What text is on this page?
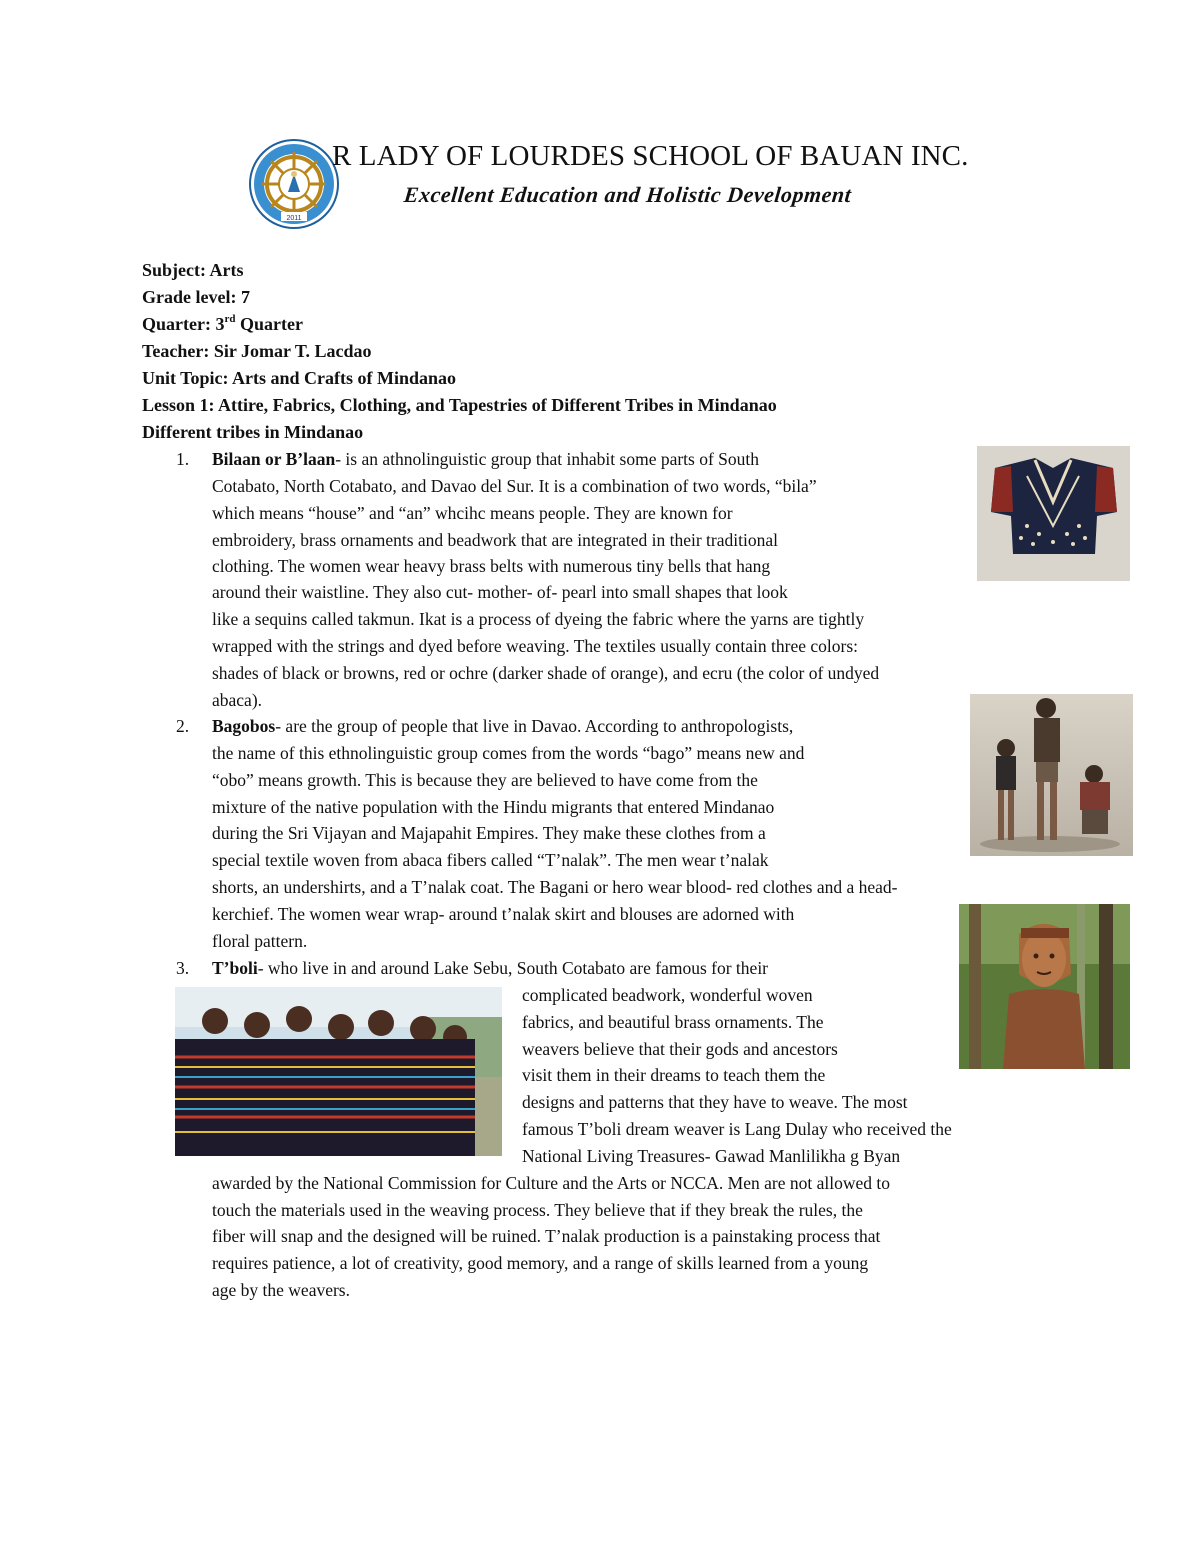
2011
R LADY OF LOURDES SCHOOL OF BAUAN INC.
Excellent Education and Holistic Development
Subject: Arts
Grade level: 7
Quarter: 3rd Quarter
Teacher: Sir Jomar T. Lacdao
Unit Topic: Arts and Crafts of Mindanao
Lesson 1: Attire, Fabrics, Clothing, and Tapestries of Different Tribes in Mindanao
Different tribes in Mindanao
1. Bilaan or B’laan- is an athnolinguistic group that inhabit some parts of South
Cotabato, North Cotabato, and Davao del Sur. It is a combination of two words, “bila”
which means “house” and “an” whcihc means people. They are known for
embroidery, brass ornaments and beadwork that are integrated in their traditional
clothing. The women wear heavy brass belts with numerous tiny bells that hang
around their waistline. They also cut- mother- of- pearl into small shapes that look
like a sequins called takmun. Ikat is a process of dyeing the fabric where the yarns are tightly
wrapped with the strings and dyed before weaving. The textiles usually contain three colors:
shades of black or browns, red or ochre (darker shade of orange), and ecru (the color of undyed
abaca).
2. Bagobos- are the group of people that live in Davao. According to anthropologists,
the name of this ethnolinguistic group comes from the words “bago” means new and
“obo” means growth. This is because they are believed to have come from the
mixture of the native population with the Hindu migrants that entered Mindanao
during the Sri Vijayan and Majapahit Empires. They make these clothes from a
special textile woven from abaca fibers called “T’nalak”. The men wear t’nalak
shorts, an undershirts, and a T’nalak coat. The Bagani or hero wear blood- red clothes and a head-
kerchief. The women wear wrap- around t’nalak skirt and blouses are adorned with
floral pattern.
3. T’boli- who live in and around Lake Sebu, South Cotabato are famous for their
complicated beadwork, wonderful woven
fabrics, and beautiful brass ornaments. The
weavers believe that their gods and ancestors
visit them in their dreams to teach them the
designs and patterns that they have to weave. The most
famous T’boli dream weaver is Lang Dulay who received the
National Living Treasures- Gawad Manlilikha g Byan
awarded by the National Commission for Culture and the Arts or NCCA. Men are not allowed to
touch the materials used in the weaving process. They believe that if they break the rules, the
fiber will snap and the designed will be ruined. T’nalak production is a painstaking process that
requires patience, a lot of creativity, good memory, and a range of skills learned from a young
age by the weavers.
